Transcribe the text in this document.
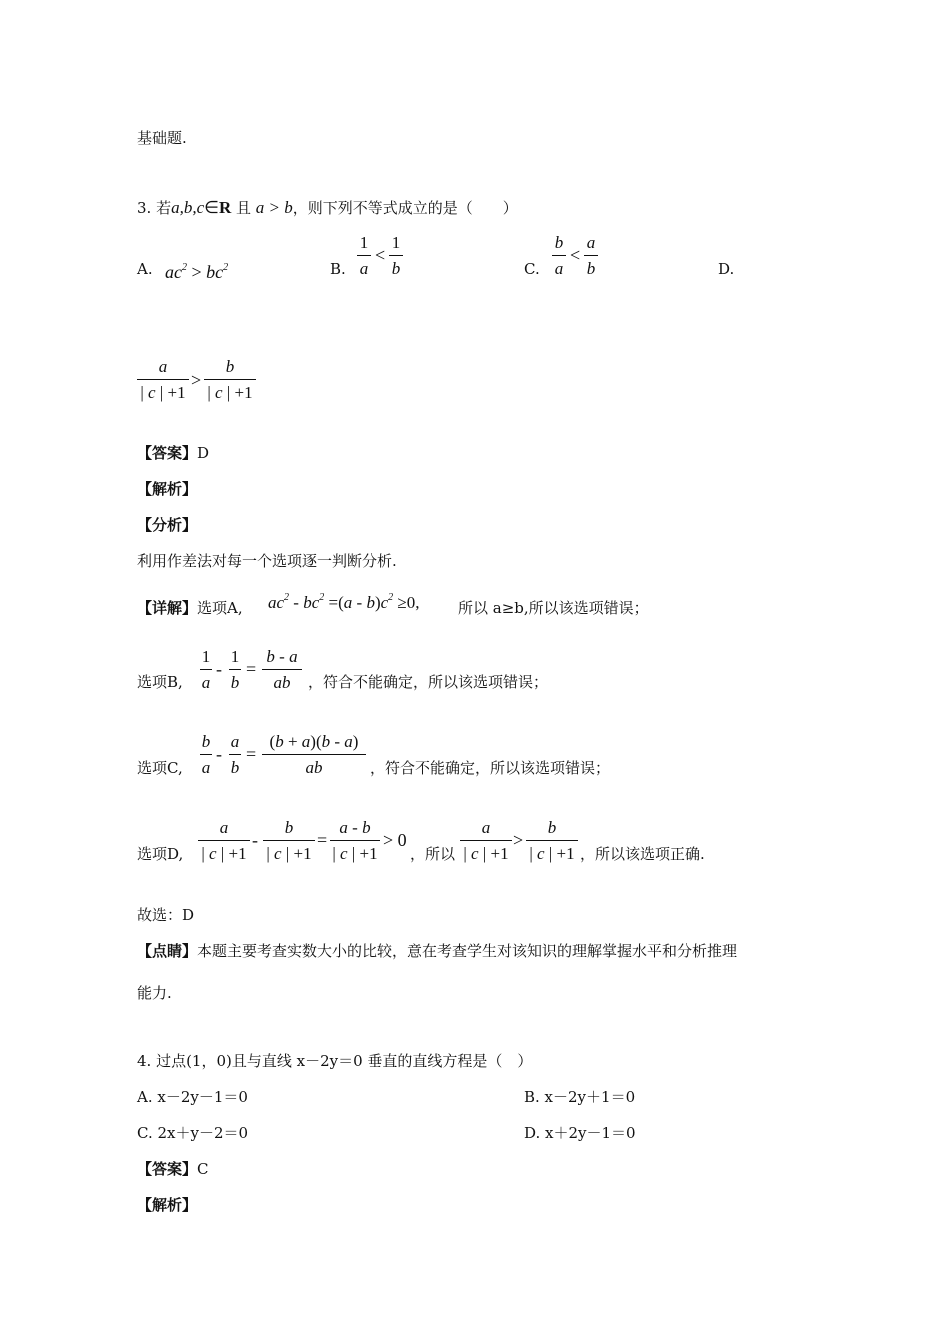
基础题.
3. 若a,b,c∈R 且 a > b，则下列不等式成立的是（　　）
A. $ac^2 > bc^2$	B.
1
a
<
1
b	C.
b
a
<
a
b	D.
a
| c | +1
>
b
| c | +1
【答案】D
【解析】
【分析】
利用作差法对每一个选项逐一判断分析.
【详解】选项A, $ac^2 - bc^2 =(a - b)c^2 \ge 0$,	所以 a≥b,所以该选项错误；
选项B,
1
a
-
1
b
=
b - a
ab	，符合不能确定，所以该选项错误；
选项C,
b
a
-
a
b
=
(b + a)(b - a)
ab	，符合不能确定，所以该选项错误；
选项D,
a
| c | +1
-
b
| c | +1
=
a - b
| c | +1
> 0
，所以
a
| c | +1
>
b
| c | +1 ，所以该选项正确.
故选：D
【点睛】本题主要考查实数大小的比较，意在考查学生对该知识的理解掌握水平和分析推理
能力.
4. 过点(1，0)且与直线 x－2y＝0 垂直的直线方程是（　）
A. x－2y－1＝0	B. x－2y＋1＝0
C. 2x＋y－2＝0	D. x＋2y－1＝0
【答案】C
【解析】
